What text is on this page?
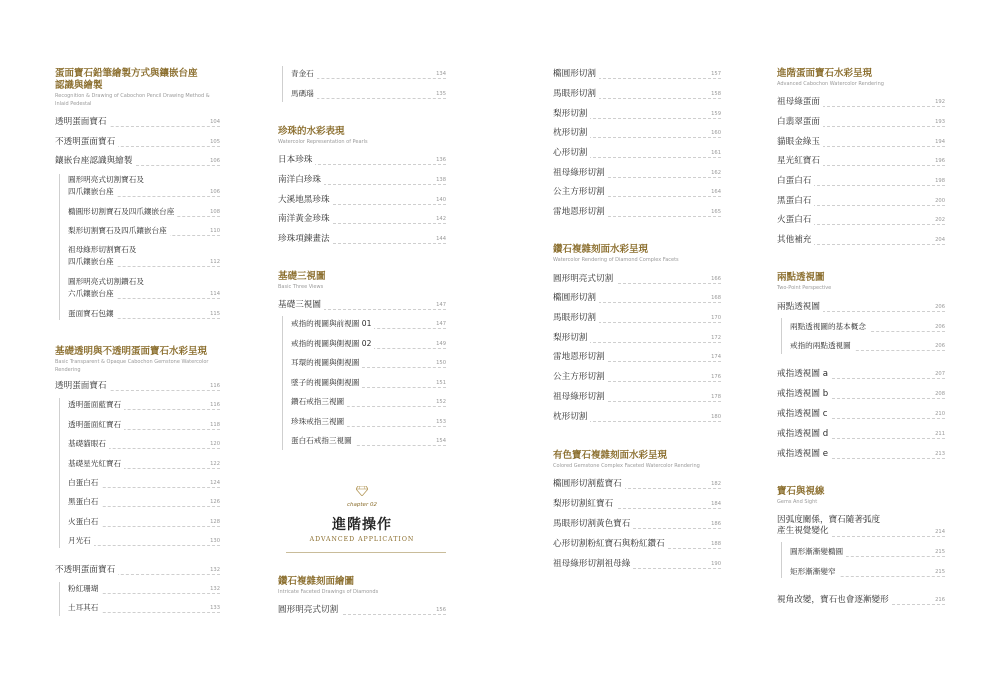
蛋面寶石鉛筆繪製方式與鑲嵌台座
認識與繪製
Recognition & Drawing of Cabochon Pencil Drawing Method &
Inlaid Pedestal
透明蛋面寶石	104
不透明蛋面寶石	105
鑲嵌台座認識與繪製	106
圓形明亮式切割寶石及
四爪鑲嵌台座	106
橢圓形切割寶石及四爪鑲嵌台座	108
梨形切割寶石及四爪鑲嵌台座	110
祖母綠形切割寶石及
四爪鑲嵌台座	112
圓形明亮式切割鑽石及
六爪鑲嵌台座	114
蛋面寶石包鑲	115
基礎透明與不透明蛋面寶石水彩呈現
Basic Transparent & Opaque Cabochon Gemstone Watercolor
Rendering
透明蛋面寶石	116
透明蛋面藍寶石	116
透明蛋面紅寶石	118
基礎貓眼石	120
基礎星光紅寶石	122
白蛋白石	124
黑蛋白石	126
火蛋白石	128
月光石	130
不透明蛋面寶石	132
粉紅珊瑚	132
土耳其石	133
青金石	134
馬碼瑙	135
珍珠的水彩表現
Watercolor Representation of Pearls
日本珍珠	136
南洋白珍珠	138
大溪地黑珍珠	140
南洋黃金珍珠	142
珍珠項鍊畫法	144
基礎三視圖
Basic Three Views
基礎三視圖	147
戒指的視圖與前視圖 01	147
戒指的視圖與側視圖 02	149
耳環的視圖與側視圖	150
墜子的視圖與側視圖	151
鑽石戒指三視圖	152
珍珠戒指三視圖	153
蛋白石戒指三視圖	154
chapter 02
進階操作
ADVANCED APPLICATION
鑽石複雜刻面繪圖
Intricate Faceted Drawings of Diamonds
圓形明亮式切割	156
橢圓形切割	157
馬眼形切割	158
梨形切割	159
枕形切割	160
心形切割	161
祖母綠形切割	162
公主方形切割	164
雷地恩形切割	165
鑽石複雜刻面水彩呈現
Watercolor Rendering of Diamond Complex Facets
圓形明亮式切割	166
橢圓形切割	168
馬眼形切割	170
梨形切割	172
雷地恩形切割	174
公主方形切割	176
祖母綠形切割	178
枕形切割	180
有色寶石複雜刻面水彩呈現
Colored Gemstone Complex Faceted Watercolor Rendering
橢圓形切割藍寶石	182
梨形切割紅寶石	184
馬眼形切割黃色寶石	186
心形切割粉紅寶石與粉紅鑽石	188
祖母綠形切割祖母綠	190
進階蛋面寶石水彩呈現
Advanced Cabochon Watercolor Rendering
祖母綠蛋面	192
白翡翠蛋面	193
貓眼金綠玉	194
星光紅寶石	196
白蛋白石	198
黑蛋白石	200
火蛋白石	202
其他補充	204
兩點透視圖
Two-Point Perspective
兩點透視圖	206
兩點透視圖的基本概念	206
戒指的兩點透視圖	206
戒指透視圖 a	207
戒指透視圖 b	208
戒指透視圖 c	210
戒指透視圖 d	211
戒指透視圖 e	213
寶石與視線
Gems And Sight
因弧度關係，寶石隨著弧度
產生視覺變化	214
圓形漸漸變橢圓	215
矩形漸漸變窄	215
視角改變，寶石也會逐漸變形	216
